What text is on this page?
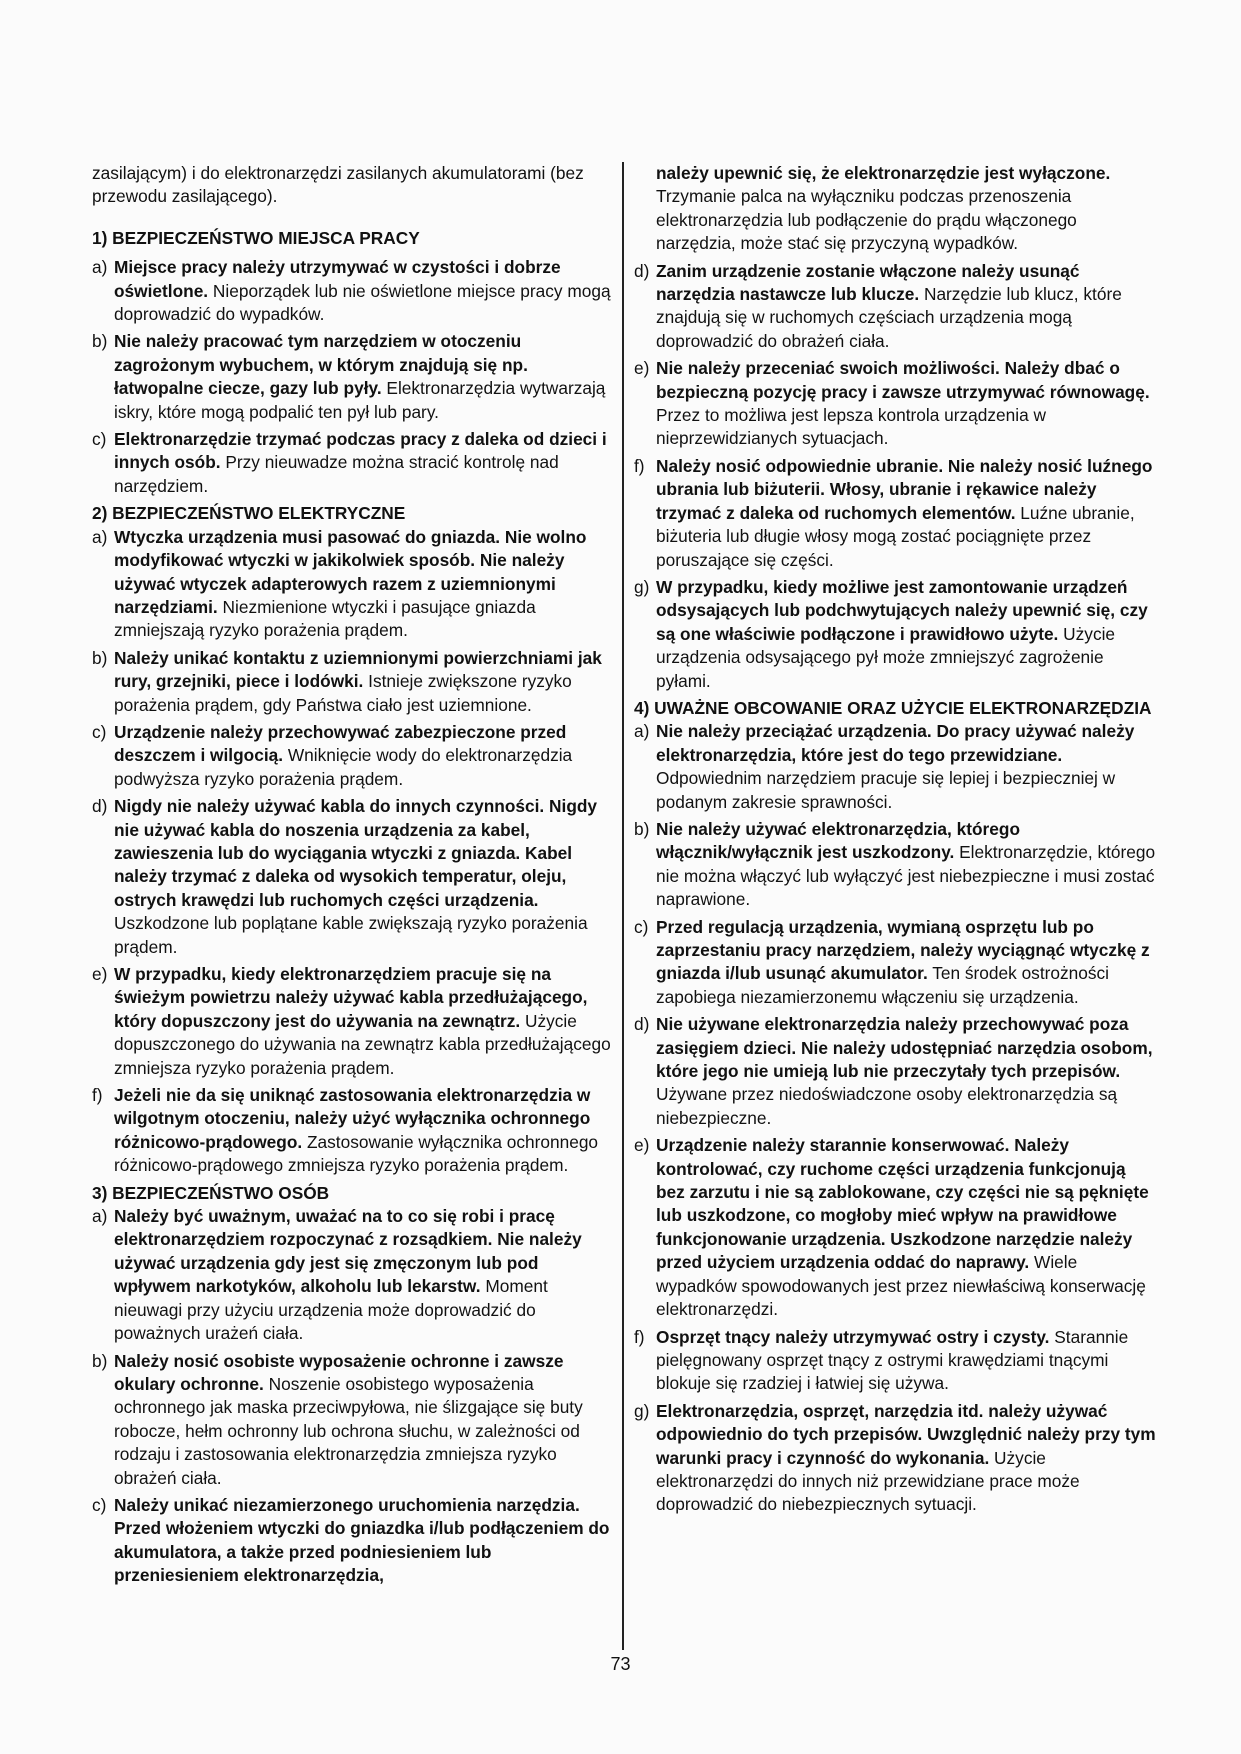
zasilającym) i do elektronarzędzi zasilanych akumulatorami (bez przewodu zasilającego).

1) BEZPIECZEŃSTWO MIEJSCA PRACY

a) Miejsce pracy należy utrzymywać w czystości i dobrze oświetlone. Nieporządek lub nie oświetlone miejsce pracy mogą doprowadzić do wypadków.
b) Nie należy pracować tym narzędziem w otoczeniu zagrożonym wybuchem, w którym znajdują się np. łatwopalne ciecze, gazy lub pyły. Elektronarzędzia wytwarzają iskry, które mogą podpalić ten pył lub pary.
c) Elektronarzędzie trzymać podczas pracy z daleka od dzieci i innych osób. Przy nieuwadze można stracić kontrolę nad narzędziem.

2) BEZPIECZEŃSTWO ELEKTRYCZNE

a) Wtyczka urządzenia musi pasować do gniazda. Nie wolno modyfikować wtyczki w jakikolwiek sposób. Nie należy używać wtyczek adapterowych razem z uziemnionymi narzędziami. Niezmienione wtyczki i pasujące gniazda zmniejszają ryzyko porażenia prądem.
b) Należy unikać kontaktu z uziemnionymi powierzchniami jak rury, grzejniki, piece i lodówki. Istnieje zwiększone ryzyko porażenia prądem, gdy Państwa ciało jest uziemnione.
c) Urządzenie należy przechowywać zabezpieczone przed deszczem i wilgocią. Wniknięcie wody do elektronarzędzia podwyższa ryzyko porażenia prądem.
d) Nigdy nie należy używać kabla do innych czynności. Nigdy nie używać kabla do noszenia urządzenia za kabel, zawieszenia lub do wyciągania wtyczki z gniazda. Kabel należy trzymać z daleka od wysokich temperatur, oleju, ostrych krawędzi lub ruchomych części urządzenia. Uszkodzone lub poplątane kable zwiększają ryzyko porażenia prądem.
e) W przypadku, kiedy elektronarzędziem pracuje się na świeżym powietrzu należy używać kabla przedłużającego, który dopuszczony jest do używania na zewnątrz. Użycie dopuszczonego do używania na zewnątrz kabla przedłużającego zmniejsza ryzyko porażenia prądem.
f) Jeżeli nie da się uniknąć zastosowania elektronarzędzia w wilgotnym otoczeniu, należy użyć wyłącznika ochronnego różnicowo-prądowego. Zastosowanie wyłącznika ochronnego różnicowo-prądowego zmniejsza ryzyko porażenia prądem.

3) BEZPIECZEŃSTWO OSÓB

a) Należy być uważnym, uważać na to co się robi i pracę elektronarzędziem rozpoczynać z rozsądkiem. Nie należy używać urządzenia gdy jest się zmęczonym lub pod wpływem narkotyków, alkoholu lub lekarstw. Moment nieuwagi przy użyciu urządzenia może doprowadzić do poważnych urażeń ciała.
b) Należy nosić osobiste wyposażenie ochronne i zawsze okulary ochronne. Noszenie osobistego wyposażenia ochronnego jak maska przeciwpyłowa, nie ślizgające się buty robocze, hełm ochronny lub ochrona słuchu, w zależności od rodzaju i zastosowania elektronarzędzia zmniejsza ryzyko obrażeń ciała.
c) Należy unikać niezamierzonego uruchomienia narzędzia. Przed włożeniem wtyczki do gniazdka i/lub podłączeniem do akumulatora, a także przed podniesieniem lub przeniesieniem elektronarzędzia,
należy upewnić się, że elektronarzędzie jest wyłączone. Trzymanie palca na wyłączniku podczas przenoszenia elektronarzędzia lub podłączenie do prądu włączonego narzędzia, może stać się przyczyną wypadków.
d) Zanim urządzenie zostanie włączone należy usunąć narzędzia nastawcze lub klucze. Narzędzie lub klucz, które znajdują się w ruchomych częściach urządzenia mogą doprowadzić do obrażeń ciała.
e) Nie należy przeceniać swoich możliwości. Należy dbać o bezpieczną pozycję pracy i zawsze utrzymywać równowagę. Przez to możliwa jest lepsza kontrola urządzenia w nieprzewidzianych sytuacjach.
f) Należy nosić odpowiednie ubranie. Nie należy nosić luźnego ubrania lub biżuterii. Włosy, ubranie i rękawice należy trzymać z daleka od ruchomych elementów. Luźne ubranie, biżuteria lub długie włosy mogą zostać pociągnięte przez poruszające się części.
g) W przypadku, kiedy możliwe jest zamontowanie urządzeń odsysających lub podchwytujących należy upewnić się, czy są one właściwie podłączone i prawidłowo użyte. Użycie urządzenia odsysającego pył może zmniejszyć zagrożenie pyłami.

4) UWAŻNE OBCOWANIE ORAZ UŻYCIE ELEKTRONARZĘDZIA

a) Nie należy przeciążać urządzenia. Do pracy używać należy elektronarzędzia, które jest do tego przewidziane. Odpowiednim narzędziem pracuje się lepiej i bezpieczniej w podanym zakresie sprawności.
b) Nie należy używać elektronarzędzia, którego włącznik/wyłącznik jest uszkodzony. Elektronarzędzie, którego nie można włączyć lub wyłączyć jest niebezpieczne i musi zostać naprawione.
c) Przed regulacją urządzenia, wymianą osprzętu lub po zaprzestaniu pracy narzędziem, należy wyciągnąć wtyczkę z gniazda i/lub usunąć akumulator. Ten środek ostrożności zapobiega niezamierzonemu włączeniu się urządzenia.
d) Nie używane elektronarzędzia należy przechowywać poza zasięgiem dzieci. Nie należy udostępniać narzędzia osobom, które jego nie umieją lub nie przeczytały tych przepisów. Używane przez niedoświadczone osoby elektronarzędzia są niebezpieczne.
e) Urządzenie należy starannie konserwować. Należy kontrolować, czy ruchome części urządzenia funkcjonują bez zarzutu i nie są zablokowane, czy części nie są pęknięte lub uszkodzone, co mogłoby mieć wpływ na prawidłowe funkcjonowanie urządzenia. Uszkodzone narzędzie należy przed użyciem urządzenia oddać do naprawy. Wiele wypadków spowodowanych jest przez niewłaściwą konserwację elektronarzędzi.
f) Osprzęt tnący należy utrzymywać ostry i czysty. Starannie pielęgnowany osprzęt tnący z ostrymi krawędziami tnącymi blokuje się rzadziej i łatwiej się używa.
g) Elektronarzędzia, osprzęt, narzędzia itd. należy używać odpowiednio do tych przepisów. Uwzględnić należy przy tym warunki pracy i czynność do wykonania. Użycie elektronarzędzi do innych niż przewidziane prace może doprowadzić do niebezpiecznych sytuacji.
73
